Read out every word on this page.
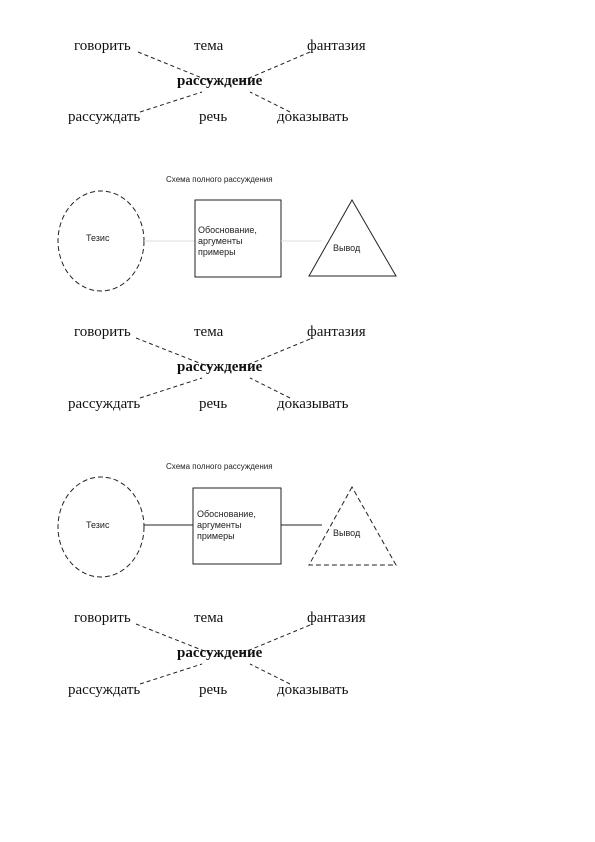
говорить	тема	фантазия
рассуждение
рассуждать	речь	доказывать
Схема полного рассуждения
Тезис
Обоснование,
аргументы
примеры	Вывод
говорить	тема	фантазия
рассуждение
рассуждать	речь	доказывать
Схема полного рассуждения
Тезис
Обоснование,
аргументы
примеры	Вывод
говорить	тема	фантазия
рассуждение
рассуждать	речь	доказывать
